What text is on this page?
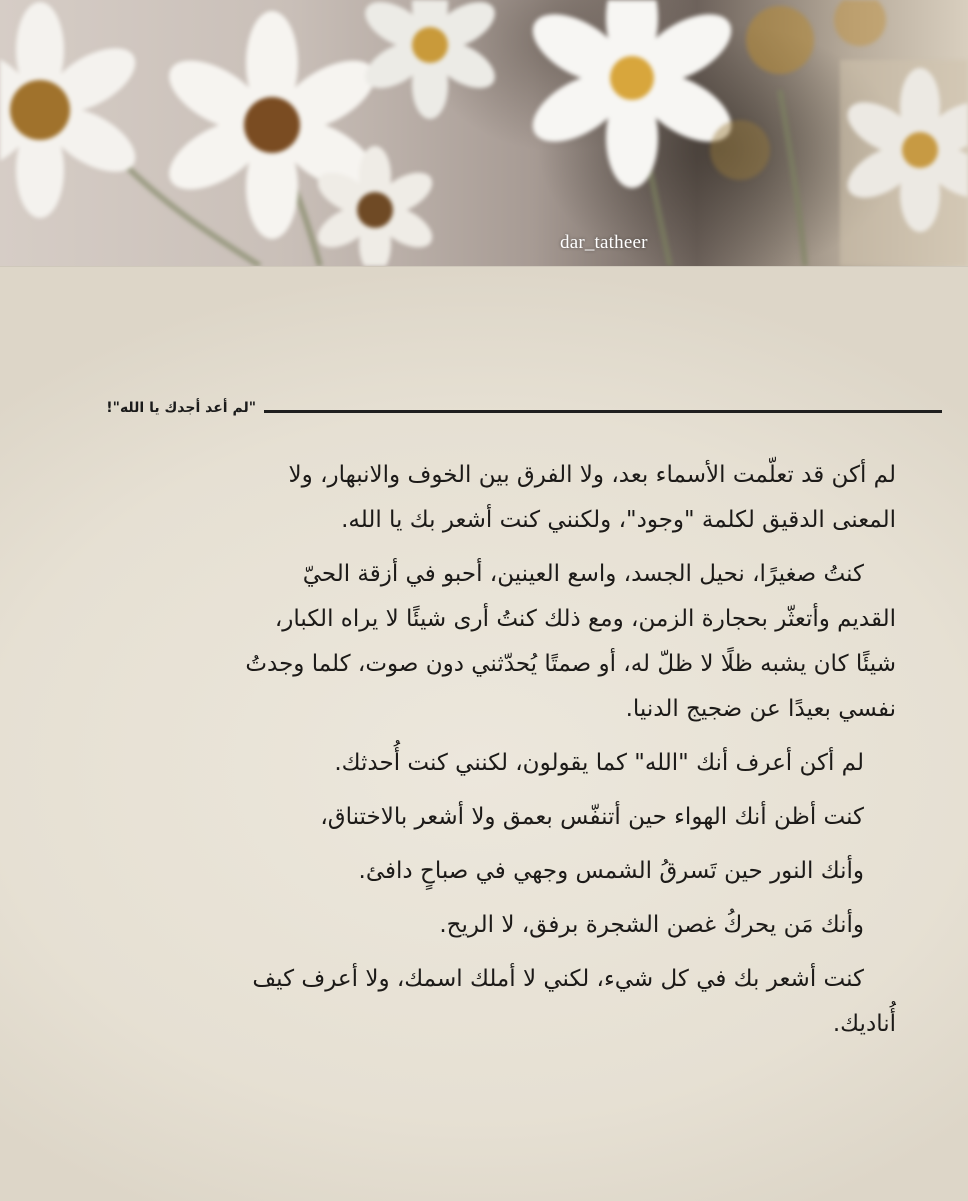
dar_tatheer
"لم أعد أجدك يا الله"!
لم أكن قد تعلّمت الأسماء بعد، ولا الفرق بين الخوف والانبهار، ولا
المعنى الدقيق لكلمة "وجود"، ولكنني كنت أشعر بك يا الله.
كنتُ صغيرًا، نحيل الجسد، واسع العينين، أحبو في أزقة الحيّ
القديم وأتعثّر بحجارة الزمن، ومع ذلك كنتُ أرى شيئًا لا يراه الكبار،
شيئًا كان يشبه ظلًا لا ظلّ له، أو صمتًا يُحدّثني دون صوت، كلما وجدتُ
نفسي بعيدًا عن ضجيج الدنيا.
لم أكن أعرف أنك "الله" كما يقولون، لكنني كنت أُحدثك.
كنت أظن أنك الهواء حين أتنفّس بعمق ولا أشعر بالاختناق،
وأنك النور حين تَسرقُ الشمس وجهي في صباحٍ دافئ.
وأنك مَن يحركُ غصن الشجرة برفق، لا الريح.
كنت أشعر بك في كل شيء، لكني لا أملك اسمك، ولا أعرف كيف
أُناديك.
